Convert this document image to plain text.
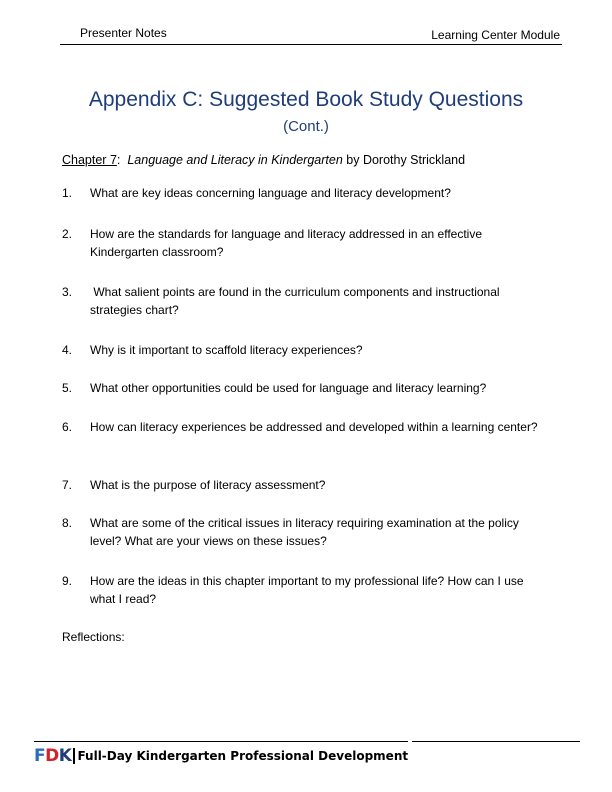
Presenter Notes	Learning Center Module
Appendix C: Suggested Book Study Questions
(Cont.)
Chapter 7: Language and Literacy in Kindergarten by Dorothy Strickland
1. What are key ideas concerning language and literacy development?
2. How are the standards for language and literacy addressed in an effective Kindergarten classroom?
3. What salient points are found in the curriculum components and instructional strategies chart?
4. Why is it important to scaffold literacy experiences?
5. What other opportunities could be used for language and literacy learning?
6. How can literacy experiences be addressed and developed within a learning center?
7. What is the purpose of literacy assessment?
8. What are some of the critical issues in literacy requiring examination at the policy level? What are your views on these issues?
9. How are the ideas in this chapter important to my professional life? How can I use what I read?
Reflections:
F D K Full-Day Kindergarten Professional Development
